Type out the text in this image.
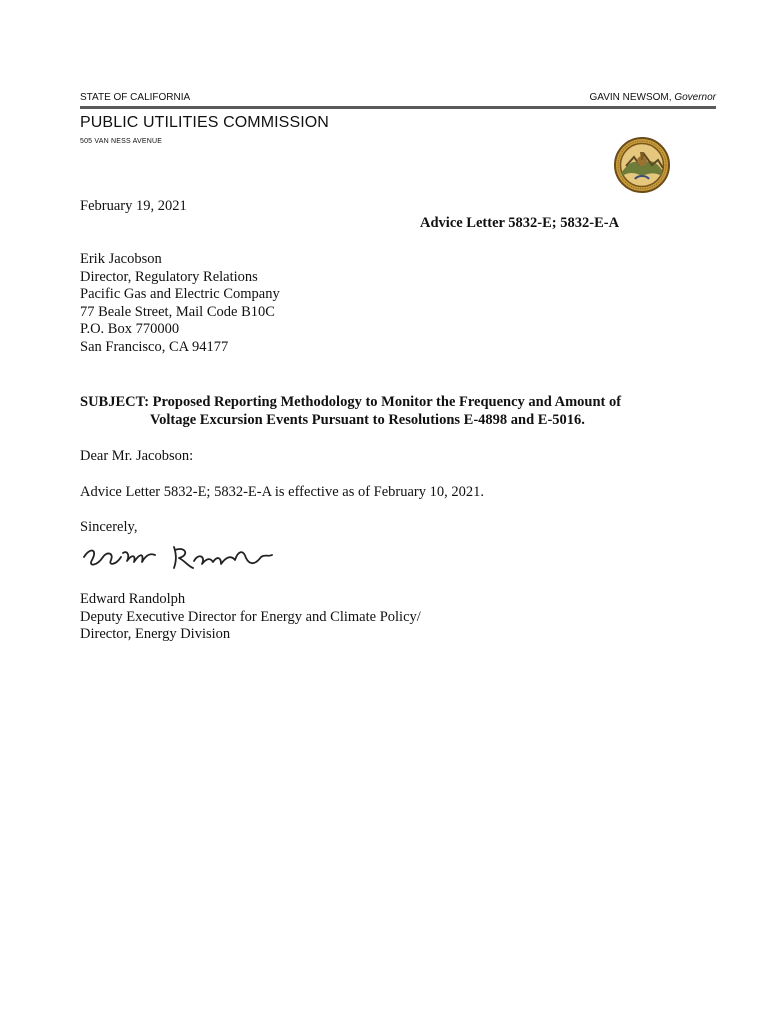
STATE OF CALIFORNIA	GAVIN NEWSOM, Governor
PUBLIC UTILITIES COMMISSION
505 VAN NESS AVENUE
February 19, 2021
Advice Letter 5832-E; 5832-E-A
Erik Jacobson
Director, Regulatory Relations
Pacific Gas and Electric Company
77 Beale Street, Mail Code B10C
P.O. Box 770000
San Francisco, CA 94177
SUBJECT: Proposed Reporting Methodology to Monitor the Frequency and Amount of
Voltage Excursion Events Pursuant to Resolutions E-4898 and E-5016.
Dear Mr. Jacobson:
Advice Letter 5832-E; 5832-E-A is effective as of February 10, 2021.
Sincerely,
Edward Randolph
Deputy Executive Director for Energy and Climate Policy/
Director, Energy Division
